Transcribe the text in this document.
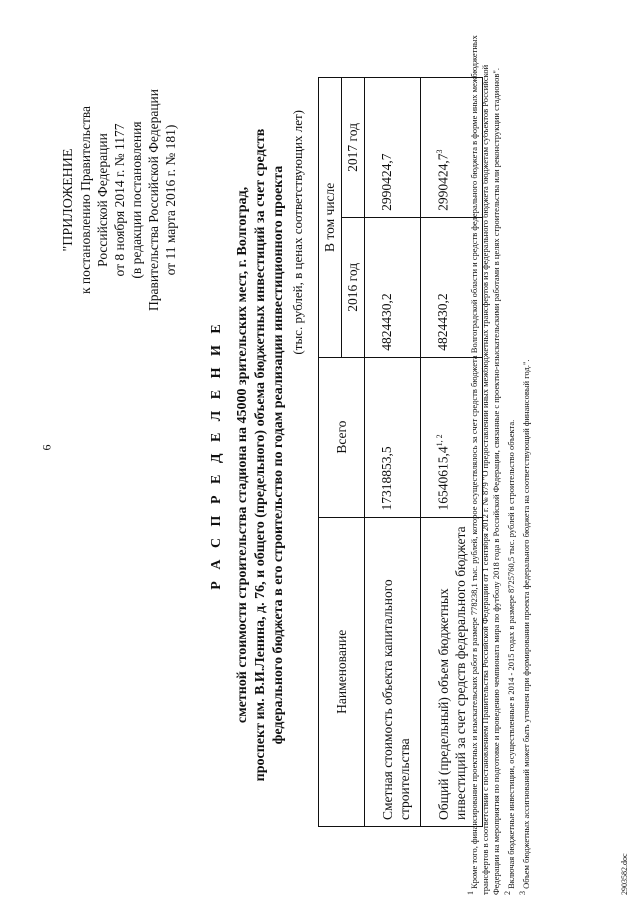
6
"ПРИЛОЖЕНИЕ к постановлению Правительства Российской Федерации от 8 ноября 2014 г. № 1177 (в редакции постановления Правительства Российской Федерации от 11 марта 2016 г. № 181)
Р А С П Р Е Д Е Л Е Н И Е сметной стоимости строительства стадиона на 45000 зрительских мест, г. Волгоград, проспект им. В.И.Ленина, д. 76, и общего (предельного) объема бюджетных инвестиций за счет средств федерального бюджета в его строительство по годам реализации инвестиционного проекта (тыс. рублей, в ценах соответствующих лет)
Наименование	Всего	В том числе	
		2016 год	2017 год
Сметная стоимость объекта капитального строительства	17318853,5	4824430,2	2990424,7
Общий (предельный) объем бюджетных инвестиций за счет средств федерального бюджета	16540615,4$^{1, 2}$	4824430,2	2990424,7$^3$

$^1$ Кроме того, финансирование проектных и изыскательских работ в размере 778238,1 тыс. рублей, которое осуществлялось за счет средств бюджета Волгоградской области и средств федерального бюджета в форме иных межбюджетных трансфертов в соответствии с постановлением Правительства Российской Федерации от 1 сентября 2012 г. № 879 "О предоставлении иных межбюджетных трансфертов из федерального бюджета бюджетам субъектов Российской Федерации на мероприятия по подготовке и проведению чемпионата мира по футболу 2018 года в Российской Федерации, связанные с проектно-изыскательскими работами в целях строительства или реконструкции стадионов". $^2$ Включая бюджетные инвестиции, осуществленные в 2014 - 2015 годах в размере 8725760,5 тыс. рублей в строительство объекта.

$^3$ Объем бюджетных ассигнований может быть уточнен при формировании проекта федерального бюджета на соответствующий финансовый год.".	2903582.doc
